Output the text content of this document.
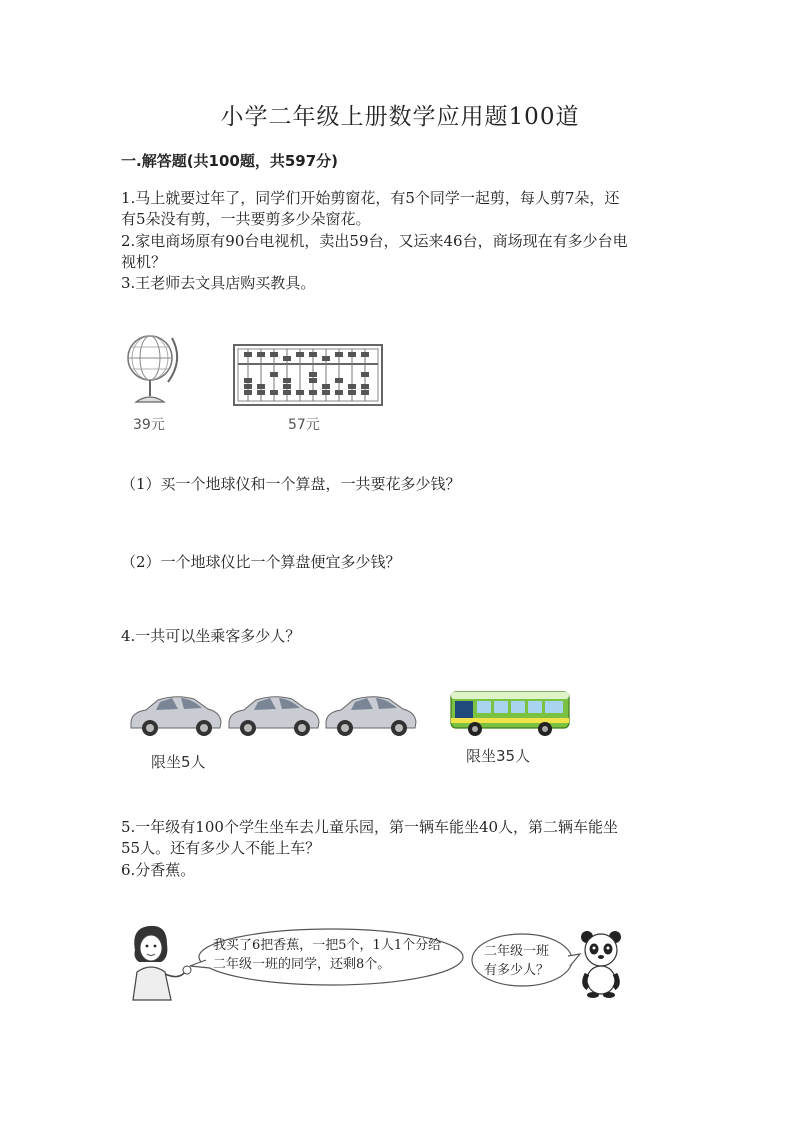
小学二年级上册数学应用题100道
一.解答题(共100题，共597分)
1.马上就要过年了，同学们开始剪窗花，有5个同学一起剪，每人剪7朵，还
有5朵没有剪，一共要剪多少朵窗花。
2.家电商场原有90台电视机，卖出59台，又运来46台，商场现在有多少台电
视机？
3.王老师去文具店购买教具。
39元	57元
（1）买一个地球仪和一个算盘，一共要花多少钱？
（2）一个地球仪比一个算盘便宜多少钱？
4.一共可以坐乘客多少人？
限坐5人	限坐35人
5.一年级有100个学生坐车去儿童乐园，第一辆车能坐40人，第二辆车能坐
55人。还有多少人不能上车？
6.分香蕉。
我买了6把香蕉，一把5个，1人1个分给
二年级一班的同学，还剩8个。
二年级一班
有多少人？
